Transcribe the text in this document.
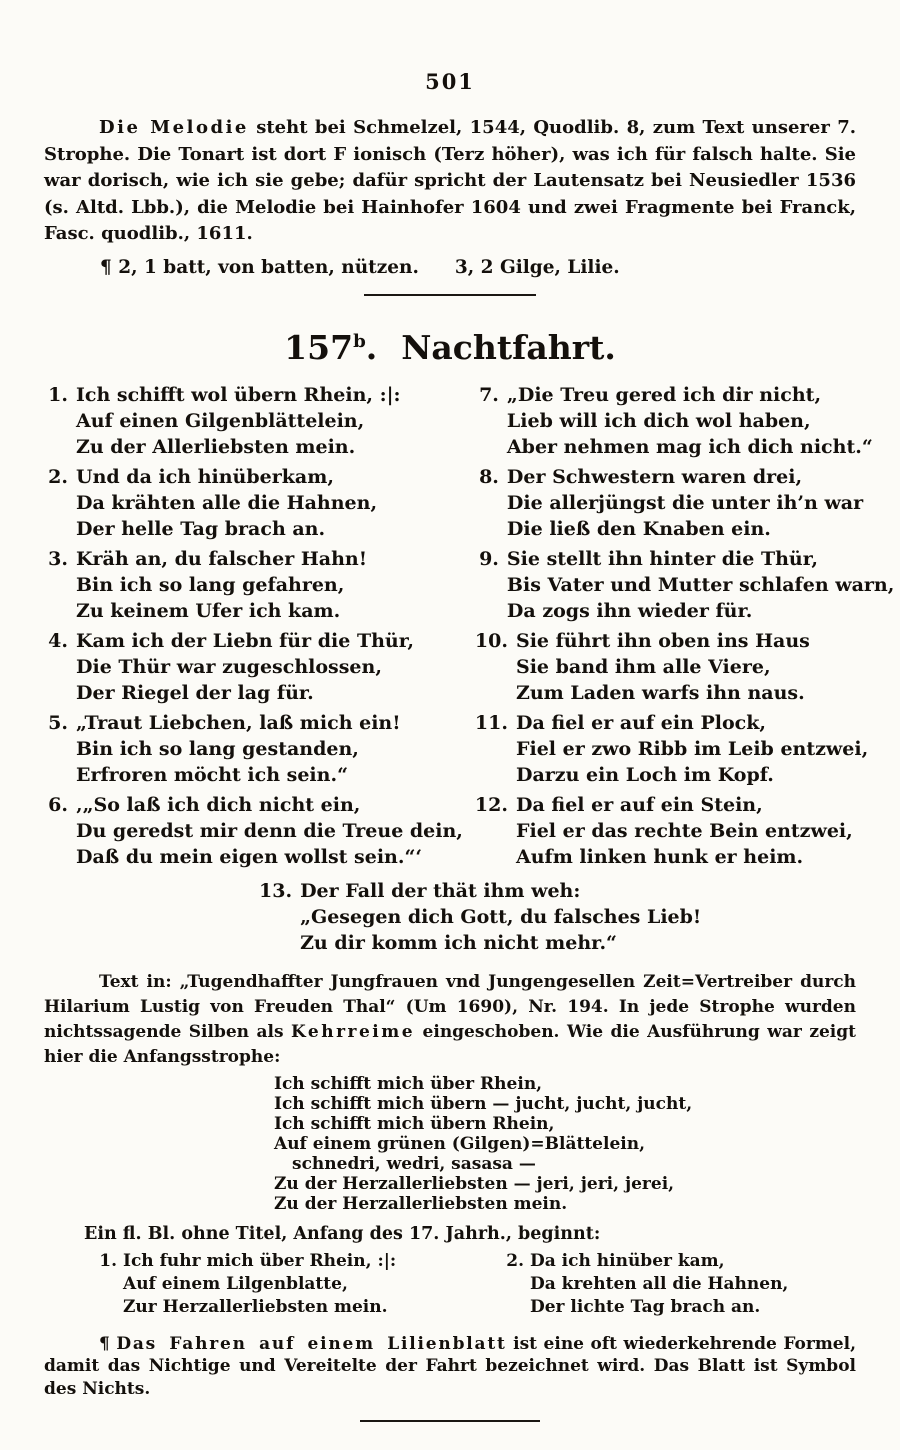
501

Die Melodie steht bei Schmelzel, 1544, Quodlib. 8, zum Text unserer 7. Strophe. Die Tonart ist dort F ionisch (Terz höher), was ich für falsch halte. Sie war dorisch, wie ich sie gebe; dafür spricht der Lautensatz bei Neusiedler 1536 (s. Altd. Lbb.), die Melodie bei Hainhofer 1604 und zwei Fragmente bei Franck, Fasc. quodlib., 1611.

¶ 2, 1 batt, von batten, nützen. 3, 2 Gilge, Lilie.

157$^b$. Nachtfahrt.
1. Ich schifft wol übern Rhein, :|:
Auf einen Gilgenblättelein,
Zu der Allerliebsten mein.
2. Und da ich hinüberkam,
Da krähten alle die Hahnen,
Der helle Tag brach an.
3. Kräh an, du falscher Hahn!
Bin ich so lang gefahren,
Zu keinem Ufer ich kam.
4. Kam ich der Liebn für die Thür,
Die Thür war zugeschlossen,
Der Riegel der lag für.
5. „Traut Liebchen, laß mich ein!
Bin ich so lang gestanden,
Erfroren möcht ich sein.“
6. ‚„So laß ich dich nicht ein,
Du geredst mir denn die Treue dein,
Daß du mein eigen wollst sein.“‘
7. „Die Treu gered ich dir nicht,
Lieb will ich dich wol haben,
Aber nehmen mag ich dich nicht.“
8. Der Schwestern waren drei,
Die allerjüngst die unter ih’n war
Die ließ den Knaben ein.
9. Sie stellt ihn hinter die Thür,
Bis Vater und Mutter schlafen warn,
Da zogs ihn wieder für.
10. Sie führt ihn oben ins Haus
Sie band ihm alle Viere,
Zum Laden warfs ihn naus.
11. Da fiel er auf ein Plock,
Fiel er zwo Ribb im Leib entzwei,
Darzu ein Loch im Kopf.
12. Da fiel er auf ein Stein,
Fiel er das rechte Bein entzwei,
Aufm linken hunk er heim.
13. Der Fall der thät ihm weh:
„Gesegen dich Gott, du falsches Lieb!
Zu dir komm ich nicht mehr.“

Text in: „Tugendhaffter Jungfrauen vnd Jungengesellen Zeit=Vertreiber durch Hilarium Lustig von Freuden Thal“ (Um 1690), Nr. 194. In jede Strophe wurden nichtssagende Silben als Kehrreime eingeschoben. Wie die Ausführung war zeigt hier die Anfangsstrophe:

Ich schifft mich über Rhein,
Ich schifft mich übern — jucht, jucht, jucht,
Ich schifft mich übern Rhein,
Auf einem grünen (Gilgen)=Blättelein,
schnedri, wedri, sasasa —
Zu der Herzallerliebsten — jeri, jeri, jerei,
Zu der Herzallerliebsten mein.

Ein fl. Bl. ohne Titel, Anfang des 17. Jahrh., beginnt:

1. Ich fuhr mich über Rhein, :|:
Auf einem Lilgenblatte,
Zur Herzallerliebsten mein.
2. Da ich hinüber kam,
Da krehten all die Hahnen,
Der lichte Tag brach an.

¶ Das Fahren auf einem Lilienblatt ist eine oft wiederkehrende Formel, damit das Nichtige und Vereitelte der Fahrt bezeichnet wird. Das Blatt ist Symbol des Nichts.
